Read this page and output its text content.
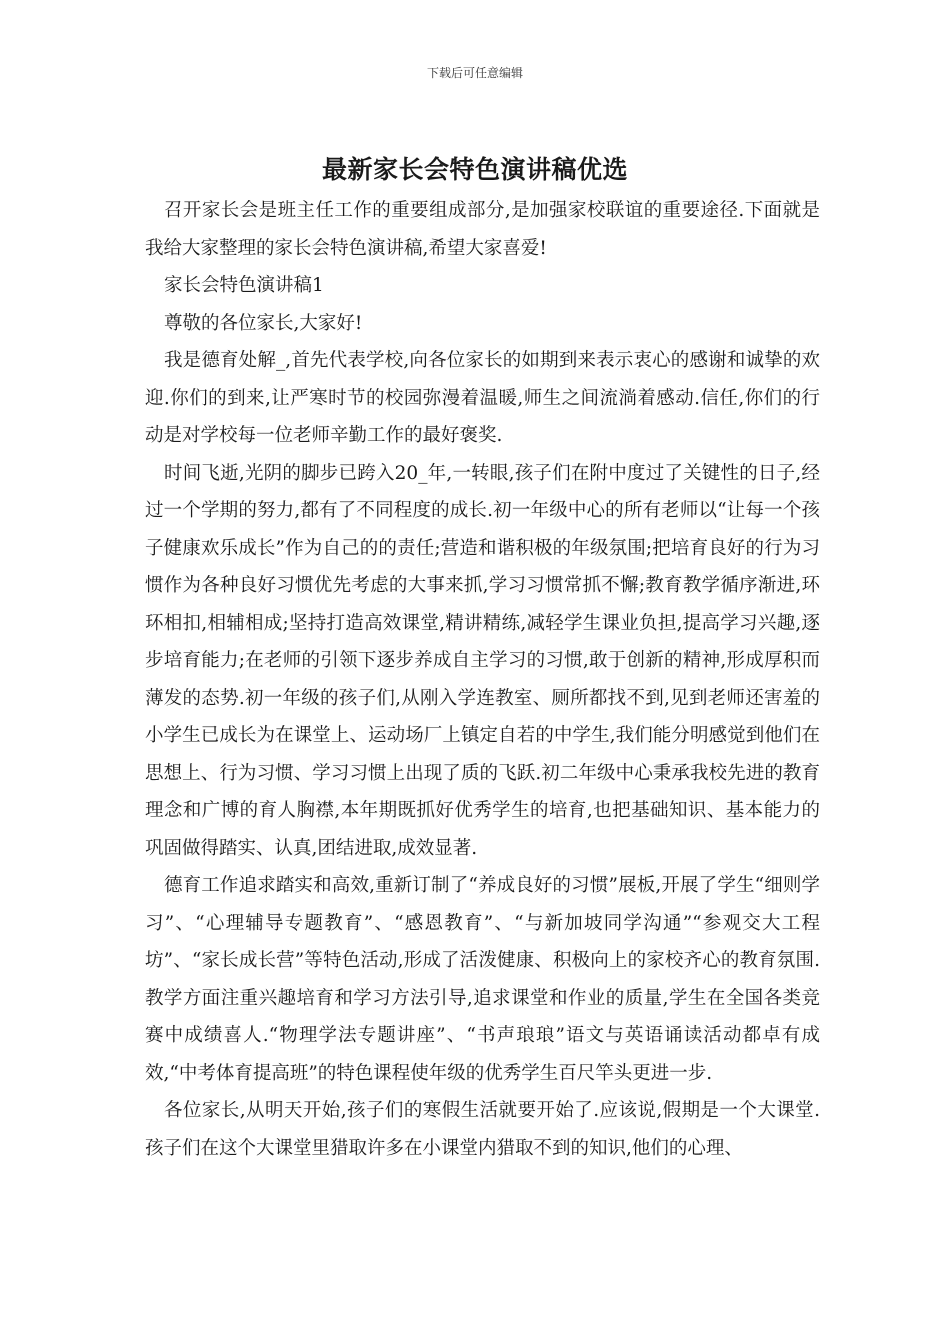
下载后可任意编辑
最新家长会特色演讲稿优选

召开家长会是班主任工作的重要组成部分,是加强家校联谊的重要途径.下面就是我给大家整理的家长会特色演讲稿,希望大家喜爱!

家长会特色演讲稿1

尊敬的各位家长,大家好!

我是德育处解_,首先代表学校,向各位家长的如期到来表示衷心的感谢和诚挚的欢迎.你们的到来,让严寒时节的校园弥漫着温暖,师生之间流淌着感动.信任,你们的行动是对学校每一位老师辛勤工作的最好褒奖.

时间飞逝,光阴的脚步已跨入20_年,一转眼,孩子们在附中度过了关键性的日子,经过一个学期的努力,都有了不同程度的成长.初一年级中心的所有老师以“让每一个孩子健康欢乐成长”作为自己的的责任;营造和谐积极的年级氛围;把培育良好的行为习惯作为各种良好习惯优先考虑的大事来抓,学习习惯常抓不懈;教育教学循序渐进,环环相扣,相辅相成;坚持打造高效课堂,精讲精练,减轻学生课业负担,提高学习兴趣,逐步培育能力;在老师的引领下逐步养成自主学习的习惯,敢于创新的精神,形成厚积而薄发的态势.初一年级的孩子们,从刚入学连教室、厕所都找不到,见到老师还害羞的小学生已成长为在课堂上、运动场厂上镇定自若的中学生,我们能分明感觉到他们在思想上、行为习惯、学习习惯上出现了质的飞跃.初二年级中心秉承我校先进的教育理念和广博的育人胸襟,本年期既抓好优秀学生的培育,也把基础知识、基本能力的巩固做得踏实、认真,团结进取,成效显著.

德育工作追求踏实和高效,重新订制了“养成良好的习惯”展板,开展了学生“细则学习”、“心理辅导专题教育”、“感恩教育”、“与新加坡同学沟通”“参观交大工程坊”、“家长成长营”等特色活动,形成了活泼健康、积极向上的家校齐心的教育氛围.教学方面注重兴趣培育和学习方法引导,追求课堂和作业的质量,学生在全国各类竞赛中成绩喜人.“物理学法专题讲座”、“书声琅琅”语文与英语诵读活动都卓有成效,“中考体育提高班”的特色课程使年级的优秀学生百尺竿头更进一步.

各位家长,从明天开始,孩子们的寒假生活就要开始了.应该说,假期是一个大课堂.孩子们在这个大课堂里猎取许多在小课堂内猎取不到的知识,他们的心理、
